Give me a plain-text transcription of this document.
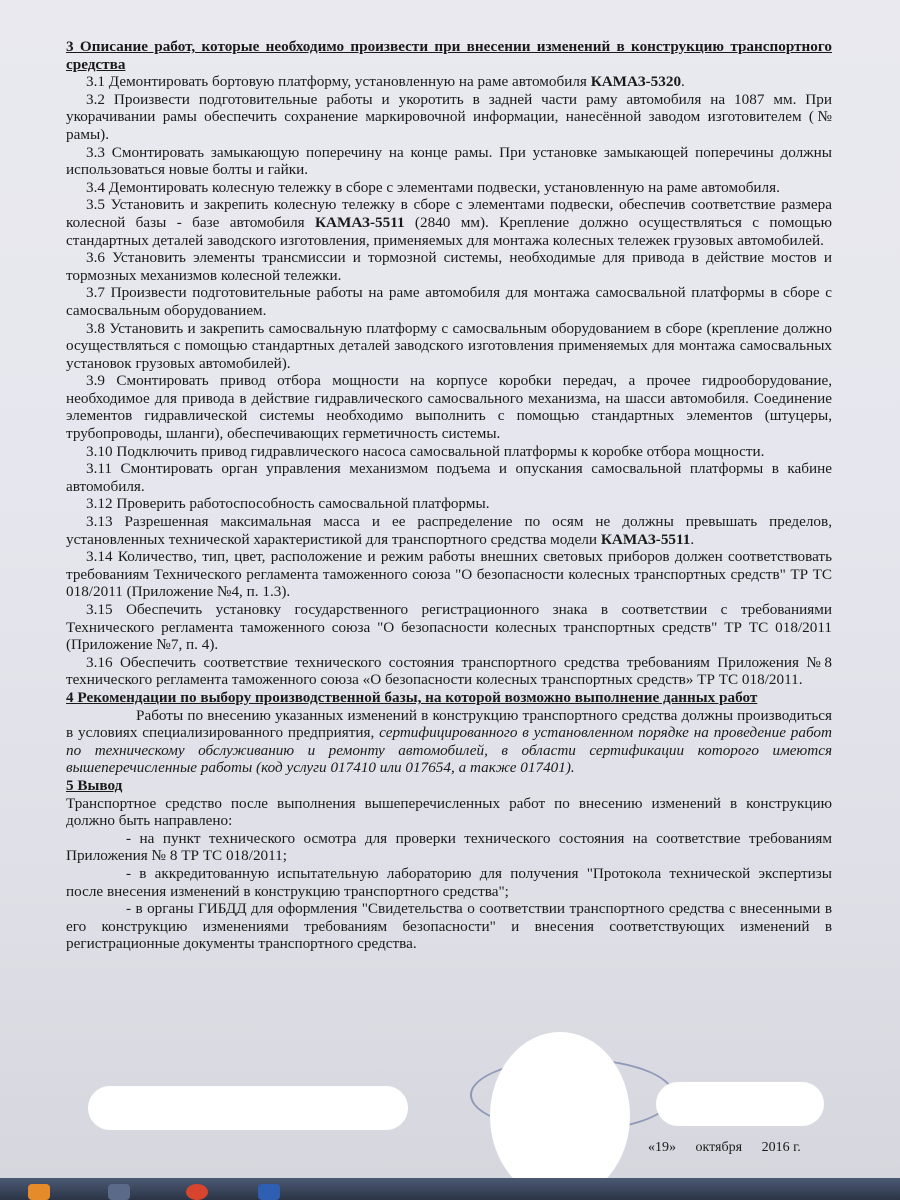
3 Описание работ, которые необходимо произвести при внесении изменений в конструкцию транспортного средства

3.1 Демонтировать бортовую платформу, установленную на раме автомобиля КАМАЗ-5320.

3.2 Произвести подготовительные работы и укоротить в задней части раму автомобиля на 1087 мм. При укорачивании рамы обеспечить сохранение маркировочной информации, нанесённой заводом изготовителем (№ рамы).

3.3 Смонтировать замыкающую поперечину на конце рамы. При установке замыкающей поперечины должны использоваться новые болты и гайки.

3.4 Демонтировать колесную тележку в сборе с элементами подвески, установленную на раме автомобиля.

3.5 Установить и закрепить колесную тележку в сборе с элементами подвески, обеспечив соответствие размера колесной базы - базе автомобиля КАМАЗ-5511 (2840 мм). Крепление должно осуществляться с помощью стандартных деталей заводского изготовления, применяемых для монтажа колесных тележек грузовых автомобилей.

3.6 Установить элементы трансмиссии и тормозной системы, необходимые для привода в действие мостов и тормозных механизмов колесной тележки.

3.7 Произвести подготовительные работы на раме автомобиля для монтажа самосвальной платформы в сборе с самосвальным оборудованием.

3.8 Установить и закрепить самосвальную платформу с самосвальным оборудованием в сборе (крепление должно осуществляться с помощью стандартных деталей заводского изготовления применяемых для монтажа самосвальных установок грузовых автомобилей).

3.9 Смонтировать привод отбора мощности на корпусе коробки передач, а прочее гидрооборудование, необходимое для привода в действие гидравлического самосвального механизма, на шасси автомобиля. Соединение элементов гидравлической системы необходимо выполнить с помощью стандартных элементов (штуцеры, трубопроводы, шланги), обеспечивающих герметичность системы.

3.10 Подключить привод гидравлического насоса самосвальной платформы к коробке отбора мощности.

3.11 Смонтировать орган управления механизмом подъема и опускания самосвальной платформы в кабине автомобиля.

3.12 Проверить работоспособность самосвальной платформы.

3.13 Разрешенная максимальная масса и ее распределение по осям не должны превышать пределов, установленных технической характеристикой для транспортного средства модели КАМАЗ-5511.

3.14 Количество, тип, цвет, расположение и режим работы внешних световых приборов должен соответствовать требованиям Технического регламента таможенного союза "О безопасности колесных транспортных средств" ТР ТС 018/2011 (Приложение №4, п. 1.3).

3.15 Обеспечить установку государственного регистрационного знака в соответствии с требованиями Технического регламента таможенного союза "О безопасности колесных транспортных средств" ТР ТС 018/2011 (Приложение №7, п. 4).

3.16 Обеспечить соответствие технического состояния транспортного средства требованиям Приложения №8 технического регламента таможенного союза «О безопасности колесных транспортных средств» ТР ТС 018/2011.

4 Рекомендации по выбору производственной базы, на которой возможно выполнение данных работ

Работы по внесению указанных изменений в конструкцию транспортного средства должны производиться в условиях специализированного предприятия, сертифицированного в установленном порядке на проведение работ по техническому обслуживанию и ремонту автомобилей, в области сертификации которого имеются вышеперечисленные работы (код услуги 017410 или 017654, а также 017401).

5 Вывод

Транспортное средство после выполнения вышеперечисленных работ по внесению изменений в конструкцию должно быть направлено:

- на пункт технического осмотра для проверки технического состояния на соответствие требованиям Приложения № 8 ТР ТС 018/2011;

- в аккредитованную испытательную лабораторию для получения "Протокола технической экспертизы после внесения изменений в конструкцию транспортного средства";

- в органы ГИБДД для оформления "Свидетельства о соответствии транспортного средства с внесенными в его конструкцию изменениями требованиям безопасности" и внесения соответствующих изменений в регистрационные документы транспортного средства.

«19» октября 2016 г.
